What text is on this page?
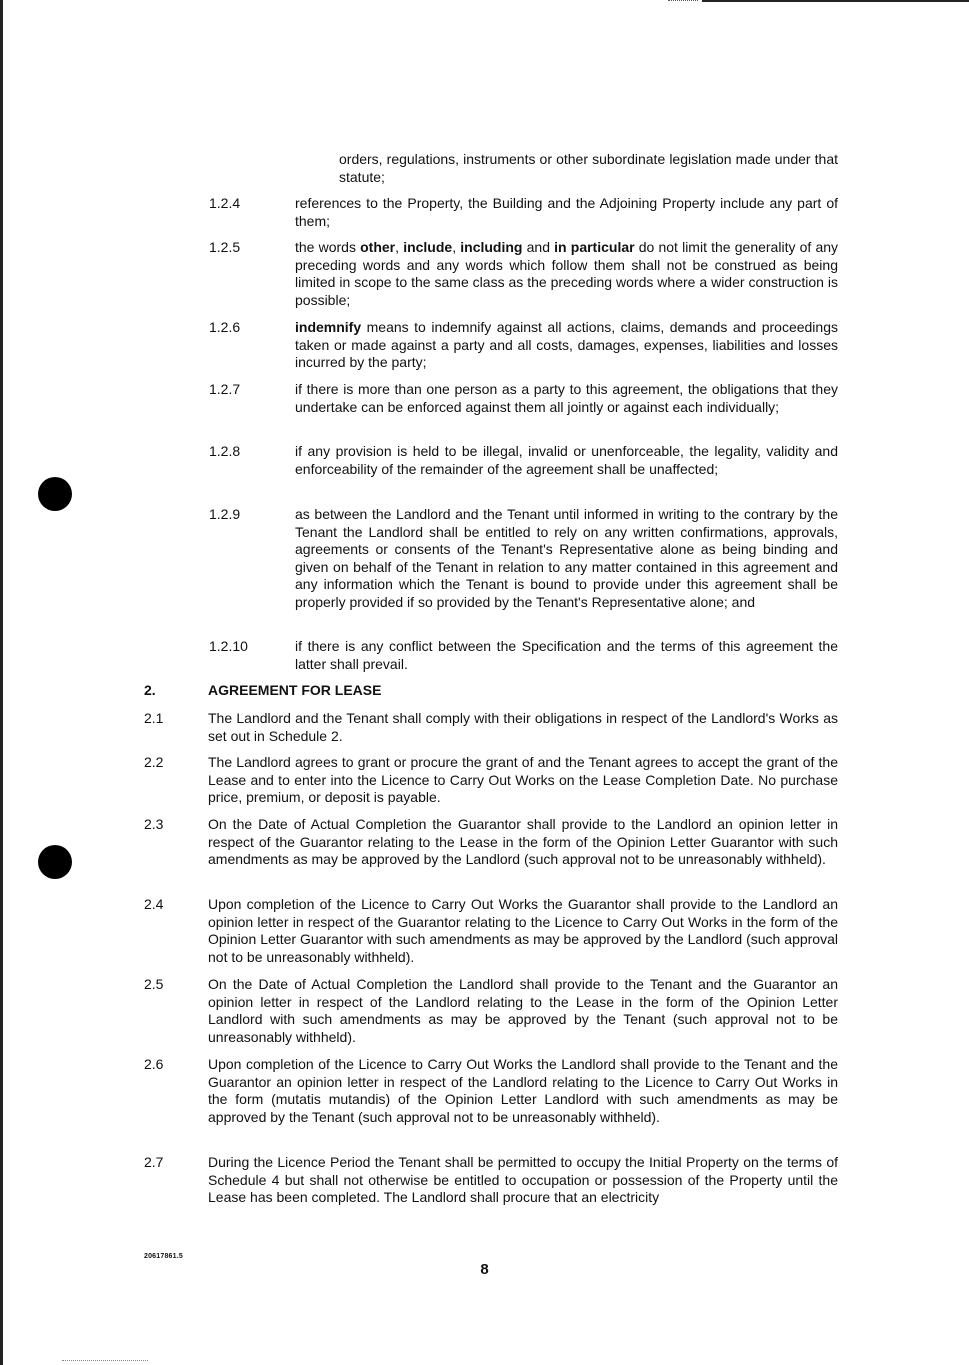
orders, regulations, instruments or other subordinate legislation made under that statute;
1.2.4	references to the Property, the Building and the Adjoining Property include any part of them;
1.2.5	the words other, include, including and in particular do not limit the generality of any preceding words and any words which follow them shall not be construed as being limited in scope to the same class as the preceding words where a wider construction is possible;
1.2.6	indemnify means to indemnify against all actions, claims, demands and proceedings taken or made against a party and all costs, damages, expenses, liabilities and losses incurred by the party;
1.2.7	if there is more than one person as a party to this agreement, the obligations that they undertake can be enforced against them all jointly or against each individually;
1.2.8	if any provision is held to be illegal, invalid or unenforceable, the legality, validity and enforceability of the remainder of the agreement shall be unaffected;
1.2.9	as between the Landlord and the Tenant until informed in writing to the contrary by the Tenant the Landlord shall be entitled to rely on any written confirmations, approvals, agreements or consents of the Tenant's Representative alone as being binding and given on behalf of the Tenant in relation to any matter contained in this agreement and any information which the Tenant is bound to provide under this agreement shall be properly provided if so provided by the Tenant's Representative alone; and
1.2.10	if there is any conflict between the Specification and the terms of this agreement the latter shall prevail.
2.	AGREEMENT FOR LEASE
2.1	The Landlord and the Tenant shall comply with their obligations in respect of the Landlord's Works as set out in Schedule 2.
2.2	The Landlord agrees to grant or procure the grant of and the Tenant agrees to accept the grant of the Lease and to enter into the Licence to Carry Out Works on the Lease Completion Date. No purchase price, premium, or deposit is payable.
2.3	On the Date of Actual Completion the Guarantor shall provide to the Landlord an opinion letter in respect of the Guarantor relating to the Lease in the form of the Opinion Letter Guarantor with such amendments as may be approved by the Landlord (such approval not to be unreasonably withheld).
2.4	Upon completion of the Licence to Carry Out Works the Guarantor shall provide to the Landlord an opinion letter in respect of the Guarantor relating to the Licence to Carry Out Works in the form of the Opinion Letter Guarantor with such amendments as may be approved by the Landlord (such approval not to be unreasonably withheld).
2.5	On the Date of Actual Completion the Landlord shall provide to the Tenant and the Guarantor an opinion letter in respect of the Landlord relating to the Lease in the form of the Opinion Letter Landlord with such amendments as may be approved by the Tenant (such approval not to be unreasonably withheld).
2.6	Upon completion of the Licence to Carry Out Works the Landlord shall provide to the Tenant and the Guarantor an opinion letter in respect of the Landlord relating to the Licence to Carry Out Works in the form (mutatis mutandis) of the Opinion Letter Landlord with such amendments as may be approved by the Tenant (such approval not to be unreasonably withheld).
2.7	During the Licence Period the Tenant shall be permitted to occupy the Initial Property on the terms of Schedule 4 but shall not otherwise be entitled to occupation or possession of the Property until the Lease has been completed. The Landlord shall procure that an electricity
20617861.5
8
